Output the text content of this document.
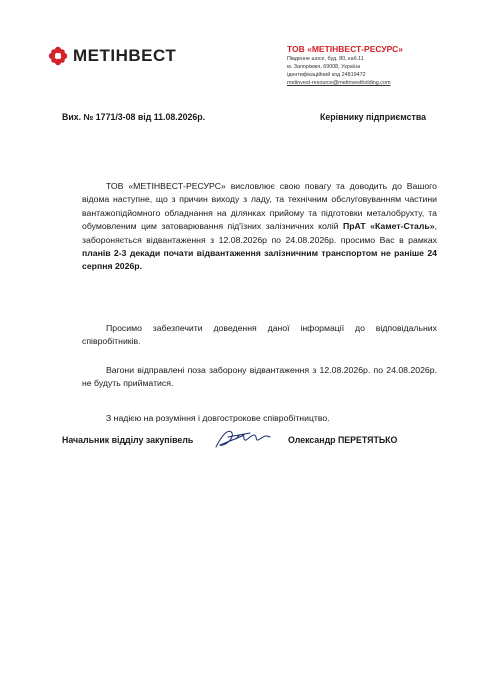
МЕТІНВЕСТ	ТОВ «МЕТІНВЕСТ-РЕСУРС»
Південне шосе, буд. 80, каб.11
м. Запоріжжя, 69008, Україна
ідентифікаційний код 24819472
metinvest-resource@metinvestholding.com
Вих. № 1771/3-08 від 11.08.2026р.	Керівнику підприємства
ТОВ «МЕТІНВЕСТ-РЕСУРС» висловлює свою повагу та доводить до Вашого відома наступне, що з причин виходу з ладу, та технічним обслуговуванням частини вантажопідйомного обладнання на ділянках прийому та підготовки металобрухту, та обумовленим цим затоварювання під'їзних залізничних колій ПрАТ «Камет-Сталь», забороняється відвантаження з 12.08.2026р по 24.08.2026р. просимо Вас в рамках планів 2-3 декади почати відвантаження залізничним транспортом не раніше 24 серпня 2026р.
Просимо забезпечити доведення даної інформації до відповідальних співробітників.
Вагони відправлені поза заборону відвантаження з 12.08.2026р. по 24.08.2026р. не будуть прийматися.
З надією на розуміння і довгострокове співробітництво.
Начальник відділу закупівель	Олександр ПЕРЕТЯТЬКО
